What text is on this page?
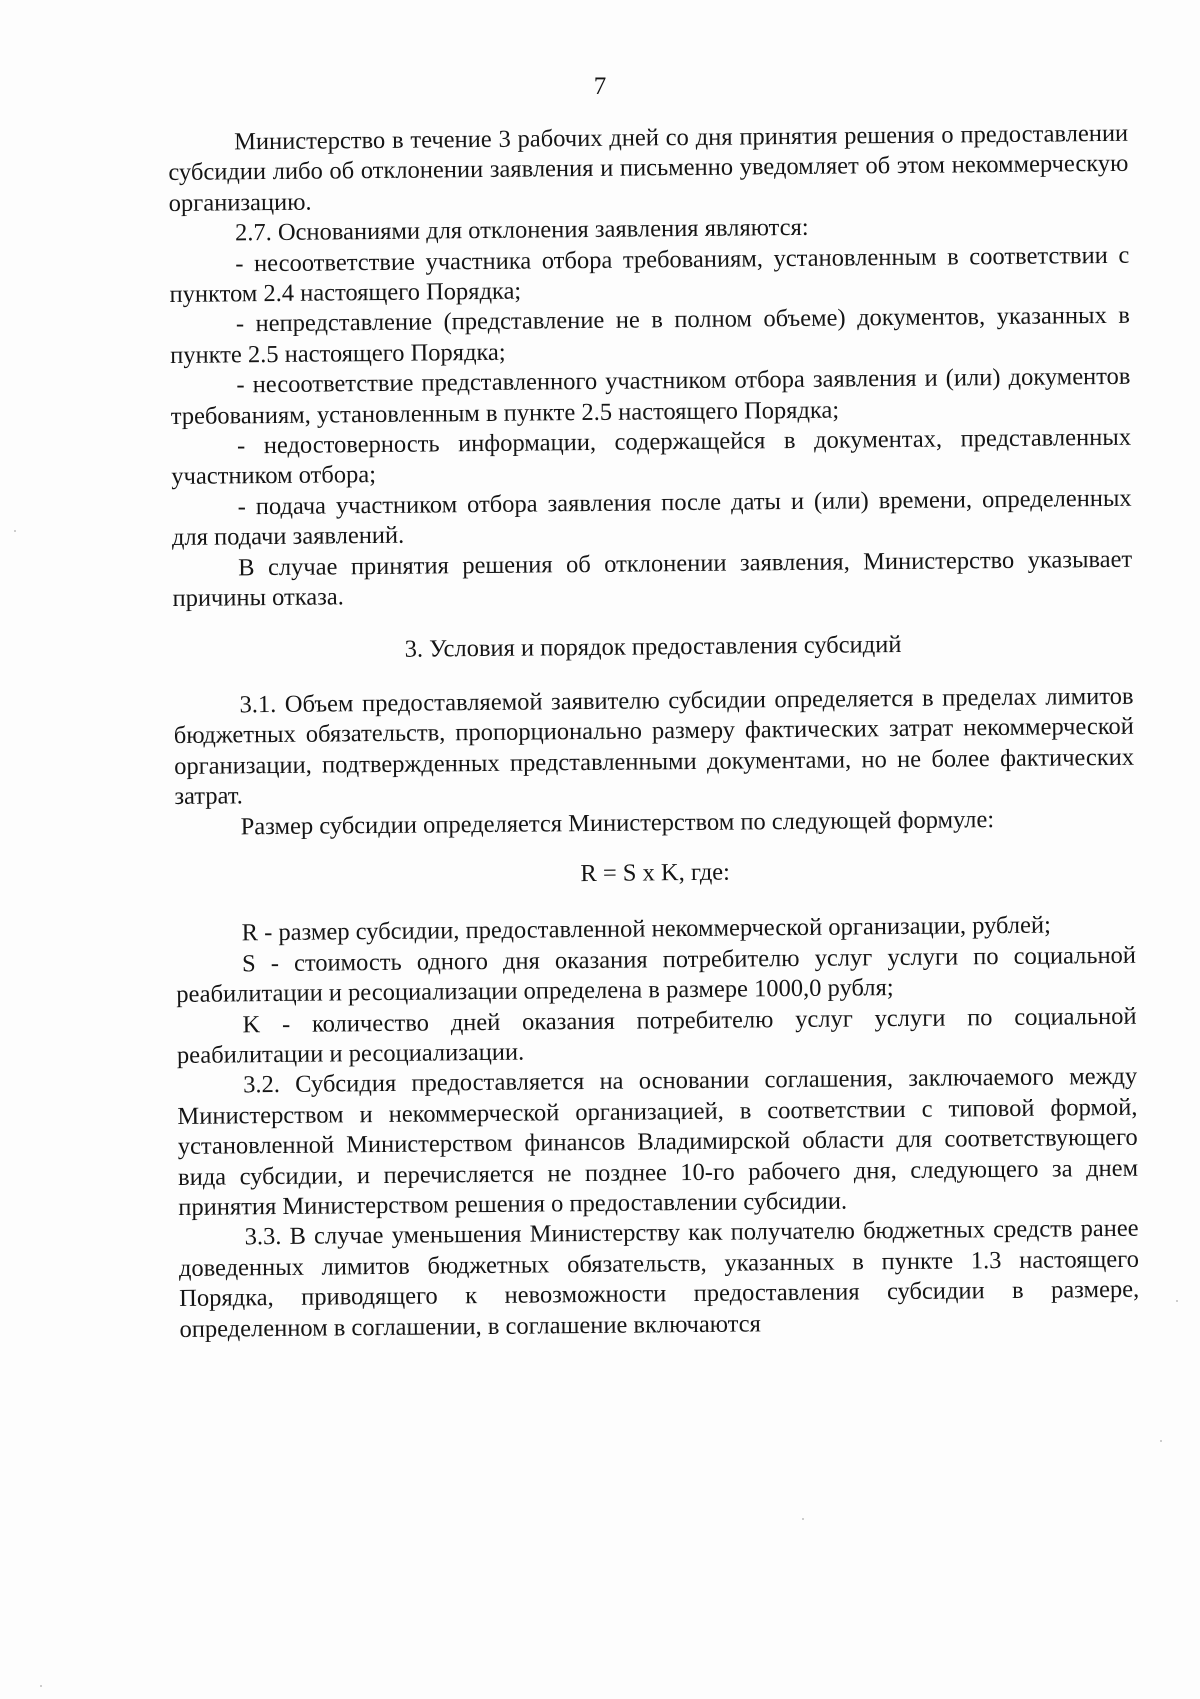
7

Министерство в течение 3 рабочих дней со дня принятия решения о предоставлении субсидии либо об отклонении заявления и письменно уведомляет об этом некоммерческую организацию.

2.7. Основаниями для отклонения заявления являются:

- несоответствие участника отбора требованиям, установленным в соответствии с пунктом 2.4 настоящего Порядка;

- непредставление (представление не в полном объеме) документов, указанных в пункте 2.5 настоящего Порядка;

- несоответствие представленного участником отбора заявления и (или) документов требованиям, установленным в пункте 2.5 настоящего Порядка;

- недостоверность информации, содержащейся в документах, представленных участником отбора;

- подача участником отбора заявления после даты и (или) времени, определенных для подачи заявлений.

В случае принятия решения об отклонении заявления, Министерство указывает причины отказа.

3. Условия и порядок предоставления субсидий

3.1. Объем предоставляемой заявителю субсидии определяется в пределах лимитов бюджетных обязательств, пропорционально размеру фактических затрат некоммерческой организации, подтвержденных представленными документами, но не более фактических затрат.

Размер субсидии определяется Министерством по следующей формуле:

R = S x K, где:

R - размер субсидии, предоставленной некоммерческой организации, рублей;

S - стоимость одного дня оказания потребителю услуг услуги по социальной реабилитации и ресоциализации определена в размере 1000,0 рубля;

K - количество дней оказания потребителю услуг услуги по социальной реабилитации и ресоциализации.

3.2. Субсидия предоставляется на основании соглашения, заключаемого между Министерством и некоммерческой организацией, в соответствии с типовой формой, установленной Министерством финансов Владимирской области для соответствующего вида субсидии, и перечисляется не позднее 10-го рабочего дня, следующего за днем принятия Министерством решения о предоставлении субсидии.

3.3. В случае уменьшения Министерству как получателю бюджетных средств ранее доведенных лимитов бюджетных обязательств, указанных в пункте 1.3 настоящего Порядка, приводящего к невозможности предоставления субсидии в размере, определенном в соглашении, в соглашение включаются
